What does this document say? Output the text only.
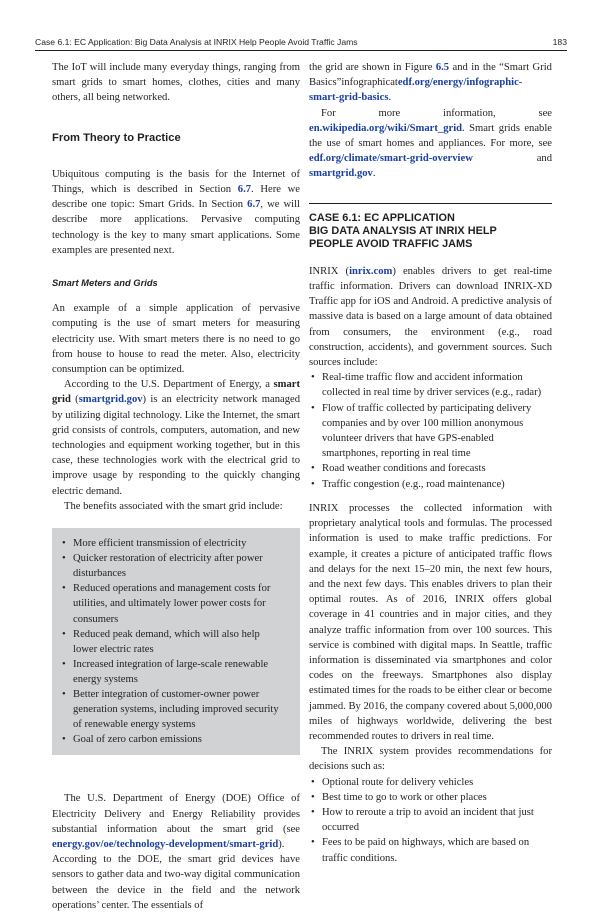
Case 6.1: EC Application: Big Data Analysis at INRIX Help People Avoid Traffic Jams	183

The IoT will include many everyday things, ranging from smart grids to smart homes, clothes, cities and many others, all being networked.

From Theory to Practice

Ubiquitous computing is the basis for the Internet of Things, which is described in Section 6.7. Here we describe one topic: Smart Grids. In Section 6.7, we will describe more applications. Pervasive computing technology is the key to many smart applications. Some examples are presented next.

Smart Meters and Grids

An example of a simple application of pervasive computing is the use of smart meters for measuring electricity use. With smart meters there is no need to go from house to house to read the meter. Also, electricity consumption can be optimized.

According to the U.S. Department of Energy, a smart grid (smartgrid.gov) is an electricity network managed by utilizing digital technology. Like the Internet, the smart grid consists of controls, computers, automation, and new technologies and equipment working together, but in this case, these technologies work with the electrical grid to improve usage by responding to the quickly changing electric demand.

The benefits associated with the smart grid include:

• More efficient transmission of electricity
• Quicker restoration of electricity after power disturbances
• Reduced operations and management costs for utilities, and ultimately lower power costs for consumers
• Reduced peak demand, which will also help lower electric rates
• Increased integration of large-scale renewable energy systems
• Better integration of customer-owner power generation systems, including improved security of renewable energy systems
• Goal of zero carbon emissions

The U.S. Department of Energy (DOE) Office of Electricity Delivery and Energy Reliability provides substantial information about the smart grid (see energy.gov/oe/technology-development/smart-grid). According to the DOE, the smart grid devices have sensors to gather data and two-way digital communication between the device in the field and the network operations’ center. The essentials of

the grid are shown in Figure 6.5 and in the “Smart Grid Basics”infographicatedf.org/energy/infographic-smart-grid-basics.

For more information, see en.wikipedia.org/wiki/Smart_grid. Smart grids enable the use of smart homes and appliances. For more, see edf.org/climate/smart-grid-overview and smartgrid.gov.

CASE 6.1: EC APPLICATION
BIG DATA ANALYSIS AT INRIX HELP
PEOPLE AVOID TRAFFIC JAMS

INRIX (inrix.com) enables drivers to get real-time traffic information. Drivers can download INRIX-XD Traffic app for iOS and Android. A predictive analysis of massive data is based on a large amount of data obtained from consumers, the environment (e.g., road construction, accidents), and government sources. Such sources include:

• Real-time traffic flow and accident information collected in real time by driver services (e.g., radar)
• Flow of traffic collected by participating delivery companies and by over 100 million anonymous volunteer drivers that have GPS-enabled smartphones, reporting in real time
• Road weather conditions and forecasts
• Traffic congestion (e.g., road maintenance)

INRIX processes the collected information with proprietary analytical tools and formulas. The processed information is used to make traffic predictions. For example, it creates a picture of anticipated traffic flows and delays for the next 15–20 min, the next few hours, and the next few days. This enables drivers to plan their optimal routes. As of 2016, INRIX offers global coverage in 41 countries and in major cities, and they analyze traffic information from over 100 sources. This service is combined with digital maps. In Seattle, traffic information is disseminated via smartphones and color codes on the freeways. Smartphones also display estimated times for the roads to be either clear or become jammed. By 2016, the company covered about 5,000,000 miles of highways worldwide, delivering the best recommended routes to drivers in real time.

The INRIX system provides recommendations for decisions such as:

• Optional route for delivery vehicles
• Best time to go to work or other places
• How to reroute a trip to avoid an incident that just occurred
• Fees to be paid on highways, which are based on traffic conditions.
